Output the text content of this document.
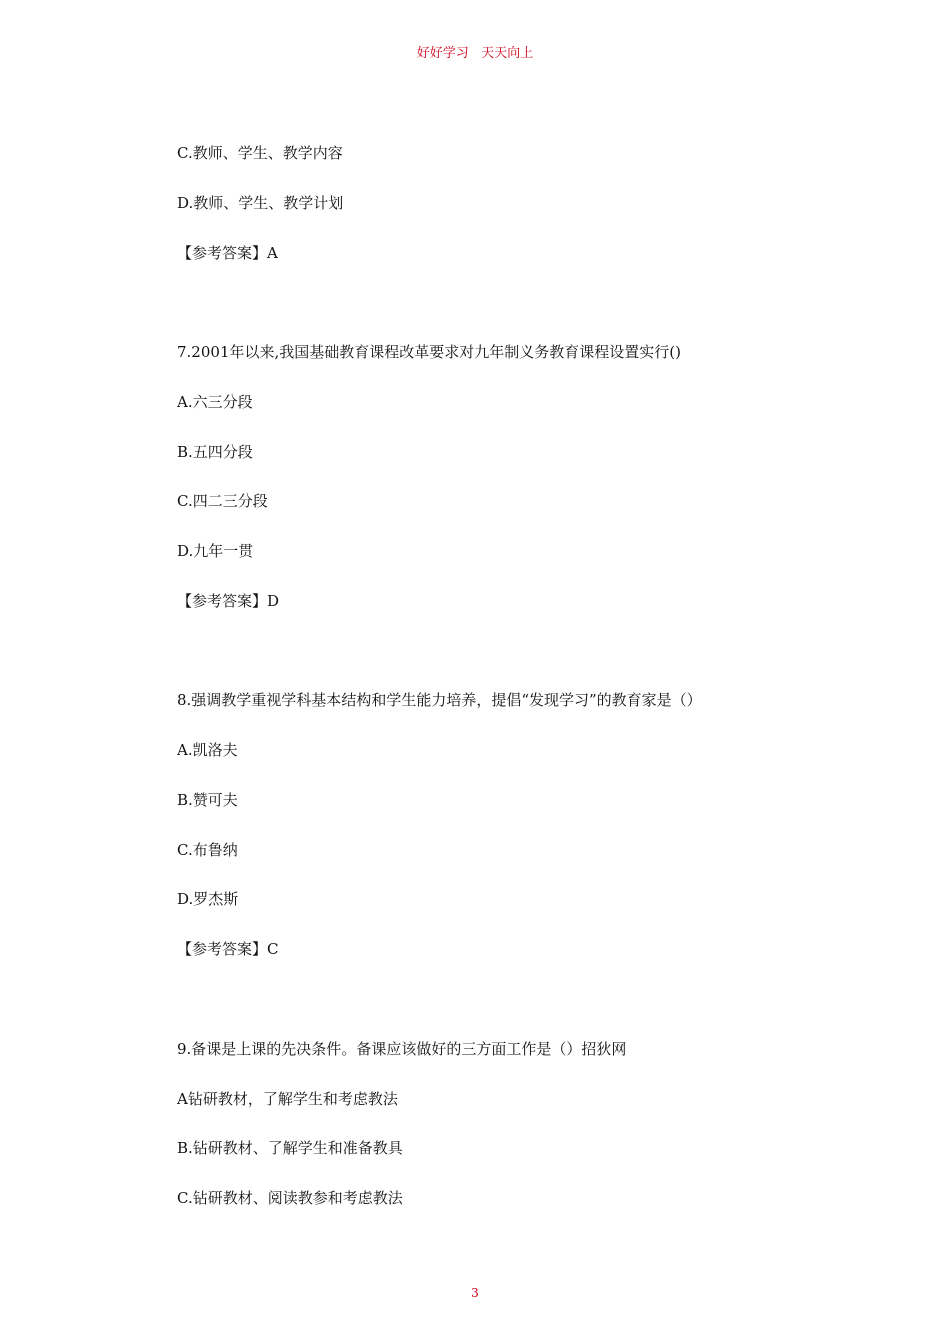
好好学习   天天向上
C.教师、学生、教学内容
D.教师、学生、教学计划
【参考答案】A
7.2001年以来,我国基础教育课程改革要求对九年制义务教育课程设置实行()
A.六三分段
B.五四分段
C.四二三分段
D.九年一贯
【参考答案】D
8.强调教学重视学科基本结构和学生能力培养，提倡“发现学习”的教育家是（）
A.凯洛夫
B.赞可夫
C.布鲁纳
D.罗杰斯
【参考答案】C
9.备课是上课的先决条件。备课应该做好的三方面工作是（）招狄网
A钻研教材，了解学生和考虑教法
B.钻研教材、了解学生和准备教具
C.钻研教材、阅读教参和考虑教法
3
